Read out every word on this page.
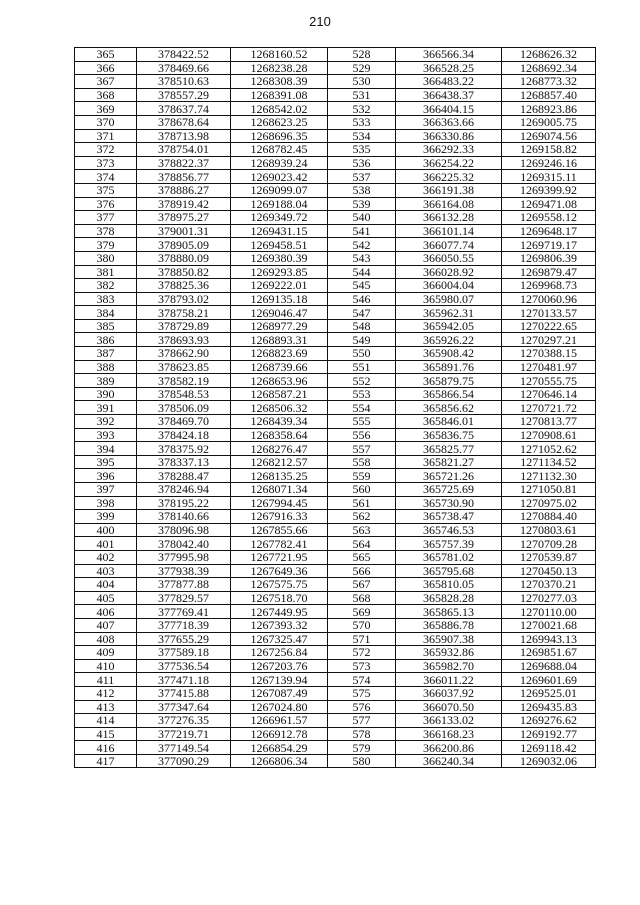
210
365	378422.52	1268160.52	528	366566.34	1268626.32
366	378469.66	1268238.28	529	366528.25	1268692.34
367	378510.63	1268308.39	530	366483.22	1268773.32
368	378557.29	1268391.08	531	366438.37	1268857.40
369	378637.74	1268542.02	532	366404.15	1268923.86
370	378678.64	1268623.25	533	366363.66	1269005.75
371	378713.98	1268696.35	534	366330.86	1269074.56
372	378754.01	1268782.45	535	366292.33	1269158.82
373	378822.37	1268939.24	536	366254.22	1269246.16
374	378856.77	1269023.42	537	366225.32	1269315.11
375	378886.27	1269099.07	538	366191.38	1269399.92
376	378919.42	1269188.04	539	366164.08	1269471.08
377	378975.27	1269349.72	540	366132.28	1269558.12
378	379001.31	1269431.15	541	366101.14	1269648.17
379	378905.09	1269458.51	542	366077.74	1269719.17
380	378880.09	1269380.39	543	366050.55	1269806.39
381	378850.82	1269293.85	544	366028.92	1269879.47
382	378825.36	1269222.01	545	366004.04	1269968.73
383	378793.02	1269135.18	546	365980.07	1270060.96
384	378758.21	1269046.47	547	365962.31	1270133.57
385	378729.89	1268977.29	548	365942.05	1270222.65
386	378693.93	1268893.31	549	365926.22	1270297.21
387	378662.90	1268823.69	550	365908.42	1270388.15
388	378623.85	1268739.66	551	365891.76	1270481.97
389	378582.19	1268653.96	552	365879.75	1270555.75
390	378548.53	1268587.21	553	365866.54	1270646.14
391	378506.09	1268506.32	554	365856.62	1270721.72
392	378469.70	1268439.34	555	365846.01	1270813.77
393	378424.18	1268358.64	556	365836.75	1270908.61
394	378375.92	1268276.47	557	365825.77	1271052.62
395	378337.13	1268212.57	558	365821.27	1271134.52
396	378288.47	1268135.25	559	365721.26	1271132.30
397	378246.94	1268071.34	560	365725.69	1271050.81
398	378195.22	1267994.45	561	365730.90	1270975.02
399	378140.66	1267916.33	562	365738.47	1270884.40
400	378096.98	1267855.66	563	365746.53	1270803.61
401	378042.40	1267782.41	564	365757.39	1270709.28
402	377995.98	1267721.95	565	365781.02	1270539.87
403	377938.39	1267649.36	566	365795.68	1270450.13
404	377877.88	1267575.75	567	365810.05	1270370.21
405	377829.57	1267518.70	568	365828.28	1270277.03
406	377769.41	1267449.95	569	365865.13	1270110.00
407	377718.39	1267393.32	570	365886.78	1270021.68
408	377655.29	1267325.47	571	365907.38	1269943.13
409	377589.18	1267256.84	572	365932.86	1269851.67
410	377536.54	1267203.76	573	365982.70	1269688.04
411	377471.18	1267139.94	574	366011.22	1269601.69
412	377415.88	1267087.49	575	366037.92	1269525.01
413	377347.64	1267024.80	576	366070.50	1269435.83
414	377276.35	1266961.57	577	366133.02	1269276.62
415	377219.71	1266912.78	578	366168.23	1269192.77
416	377149.54	1266854.29	579	366200.86	1269118.42
417	377090.29	1266806.34	580	366240.34	1269032.06
